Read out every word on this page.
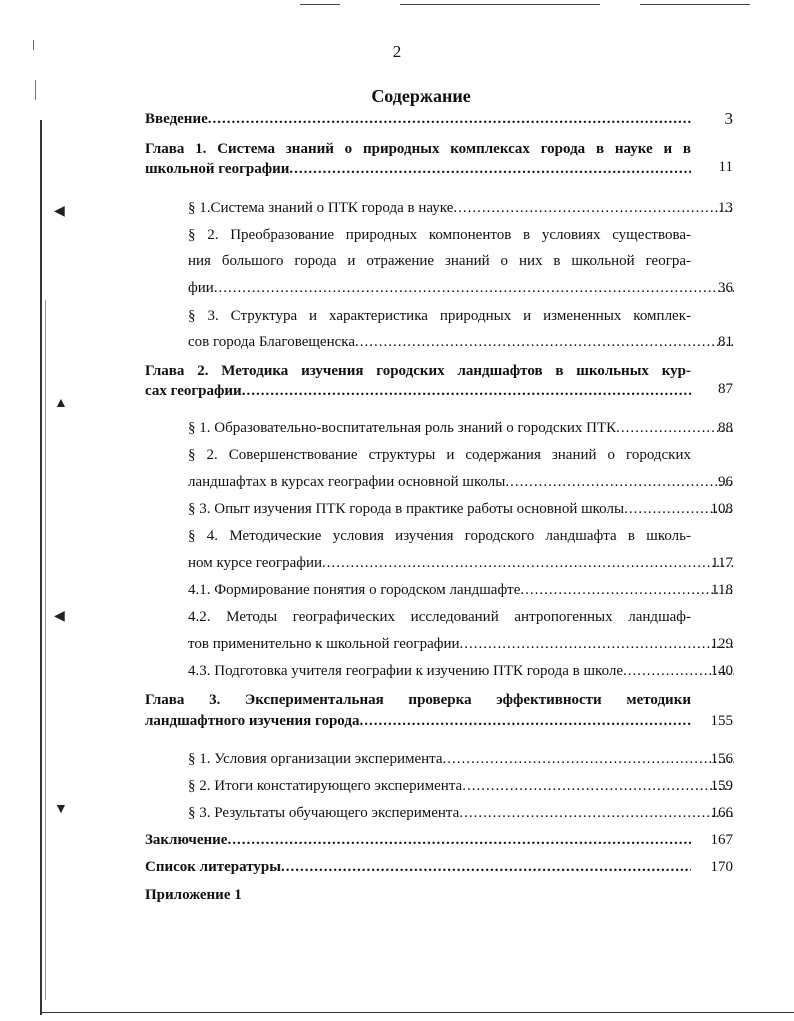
◀
▲
◀
▼
2
Содержание
Введение .....	3
Глава 1. Система знаний о природных комплексах города в науке и в
школьной географии .....	11
§ 1.Система знаний о ПТК города в науке .....	13
§ 2. Преобразование природных компонентов в условиях существова-
ния большого города и отражение знаний о них в школьной геогра-
фии .....	36
§ 3. Структура и характеристика природных и измененных комплек-
сов города Благовещенска .....	81
Глава 2. Методика изучения городских ландшафтов в школьных кур-
сах географии .....	87
§ 1. Образовательно-воспитательная роль знаний о городских ПТК .....	88
§ 2. Совершенствование структуры и содержания знаний о городских
ландшафтах в курсах географии основной школы .....	96
§ 3. Опыт изучения ПТК города в практике работы основной школы .....	108
§ 4. Методические условия изучения городского ландшафта в школь-
ном курсе географии .....	117
4.1. Формирование понятия о городском ландшафте .....	118
4.2. Методы географических исследований антропогенных ландшаф-
тов применительно к школьной географии .....	129
4.3. Подготовка учителя географии к изучению ПТК города в школе .....	140
Глава 3. Экспериментальная проверка эффективности методики
ландшафтного изучения города .....	155
§ 1. Условия организации эксперимента .....	156
§ 2. Итоги констатирующего эксперимента .....	159
§ 3. Результаты обучающего эксперимента .....	166
Заключение .....	167
Список литературы .....	170
Приложение 1
